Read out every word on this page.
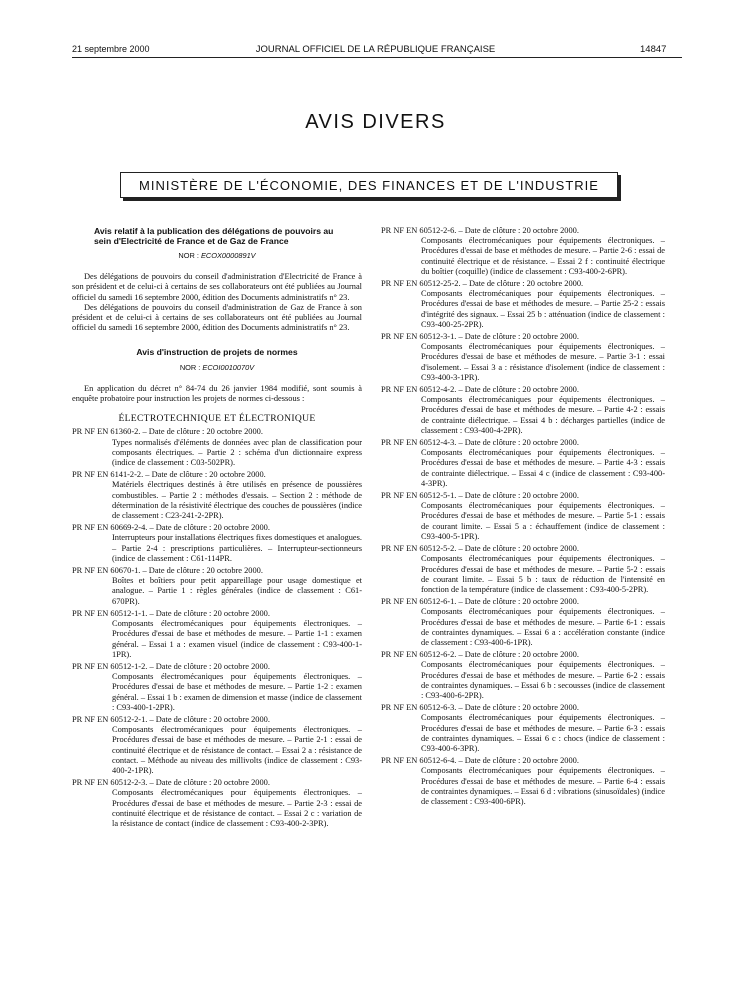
21 septembre 2000	JOURNAL OFFICIEL DE LA RÉPUBLIQUE FRANÇAISE	14847
AVIS DIVERS
MINISTÈRE DE L'ÉCONOMIE, DES FINANCES ET DE L'INDUSTRIE
Avis relatif à la publication des délégations de pouvoirs au sein d'Electricité de France et de Gaz de France
NOR : ECOX0000891V

Des délégations de pouvoirs du conseil d'administration d'Electricité de France à son président et de celui-ci à certains de ses collaborateurs ont été publiées au Journal officiel du samedi 16 septembre 2000, édition des Documents administratifs n° 23.

Des délégations de pouvoirs du conseil d'administration de Gaz de France à son président et de celui-ci à certains de ses collaborateurs ont été publiées au Journal officiel du samedi 16 septembre 2000, édition des Documents administratifs n° 23.

Avis d'instruction de projets de normes
NOR : ECOI0010070V

En application du décret n° 84-74 du 26 janvier 1984 modifié, sont soumis à enquête probatoire pour instruction les projets de normes ci-dessous :

ÉLECTROTECHNIQUE ET ÉLECTRONIQUE
PR NF EN 61360-2. – Date de clôture : 20 octobre 2000.
Types normalisés d'éléments de données avec plan de classification pour composants électriques. – Partie 2 : schéma d'un dictionnaire express (indice de classement : C03-502PR).
PR NF EN 6141-2-2. – Date de clôture : 20 octobre 2000.
Matériels électriques destinés à être utilisés en présence de poussières combustibles. – Partie 2 : méthodes d'essais. – Section 2 : méthode de détermination de la résistivité électrique des couches de poussières (indice de classement : C23-241-2-2PR).
PR NF EN 60669-2-4. – Date de clôture : 20 octobre 2000.
Interrupteurs pour installations électriques fixes domestiques et analogues. – Partie 2-4 : prescriptions particulières. – Interrupteur-sectionneurs (indice de classement : C61-114PR.
PR NF EN 60670-1. – Date de clôture : 20 octobre 2000.
Boîtes et boîtiers pour petit appareillage pour usage domestique et analogue. – Partie 1 : règles générales (indice de classement : C61-670PR).
PR NF EN 60512-1-1. – Date de clôture : 20 octobre 2000.
Composants électromécaniques pour équipements électroniques. – Procédures d'essai de base et méthodes de mesure. – Partie 1-1 : examen général. – Essai 1 a : examen visuel (indice de classement : C93-400-1-1PR).
PR NF EN 60512-1-2. – Date de clôture : 20 octobre 2000.
Composants électromécaniques pour équipements électroniques. – Procédures d'essai de base et méthodes de mesure. – Partie 1-2 : examen général. – Essai 1 b : examen de dimension et masse (indice de classement : C93-400-1-2PR).
PR NF EN 60512-2-1. – Date de clôture : 20 octobre 2000.
Composants électromécaniques pour équipements électroniques. – Procédures d'essai de base et méthodes de mesure. – Partie 2-1 : essai de continuité électrique et de résistance de contact. – Essai 2 a : résistance de contact. – Méthode au niveau des millivolts (indice de classement : C93-400-2-1PR).
PR NF EN 60512-2-3. – Date de clôture : 20 octobre 2000.
Composants électromécaniques pour équipements électroniques. – Procédures d'essai de base et méthodes de mesure. – Partie 2-3 : essai de continuité électrique et de résistance de contact. – Essai 2 c : variation de la résistance de contact (indice de classement : C93-400-2-3PR).
PR NF EN 60512-2-6. – Date de clôture : 20 octobre 2000.
Composants électromécaniques pour équipements électroniques. – Procédures d'essai de base et méthodes de mesure. – Partie 2-6 : essai de continuité électrique et de résistance. – Essai 2 f : continuité électrique du boîtier (coquille) (indice de classement : C93-400-2-6PR).
PR NF EN 60512-25-2. – Date de clôture : 20 octobre 2000.
Composants électromécaniques pour équipements électroniques. – Procédures d'essai de base et méthodes de mesure. – Partie 25-2 : essais d'intégrité des signaux. – Essai 25 b : atténuation (indice de classement : C93-400-25-2PR).
PR NF EN 60512-3-1. – Date de clôture : 20 octobre 2000.
Composants électromécaniques pour équipements électroniques. – Procédures d'essai de base et méthodes de mesure. – Partie 3-1 : essai d'isolement. – Essai 3 a : résistance d'isolement (indice de classement : C93-400-3-1PR).
PR NF EN 60512-4-2. – Date de clôture : 20 octobre 2000.
Composants électromécaniques pour équipements électroniques. – Procédures d'essai de base et méthodes de mesure. – Partie 4-2 : essais de contrainte diélectrique. – Essai 4 b : décharges partielles (indice de classement : C93-400-4-2PR).
PR NF EN 60512-4-3. – Date de clôture : 20 octobre 2000.
Composants électromécaniques pour équipements électroniques. – Procédures d'essai de base et méthodes de mesure. – Partie 4-3 : essais de contrainte diélectrique. – Essai 4 c (indice de classement : C93-400-4-3PR).
PR NF EN 60512-5-1. – Date de clôture : 20 octobre 2000.
Composants électromécaniques pour équipements électroniques. – Procédures d'essai de base et méthodes de mesure. – Partie 5-1 : essais de courant limite. – Essai 5 a : échauffement (indice de classement : C93-400-5-1PR).
PR NF EN 60512-5-2. – Date de clôture : 20 octobre 2000.
Composants électromécaniques pour équipements électroniques. – Procédures d'essai de base et méthodes de mesure. – Partie 5-2 : essais de courant limite. – Essai 5 b : taux de réduction de l'intensité en fonction de la température (indice de classement : C93-400-5-2PR).
PR NF EN 60512-6-1. – Date de clôture : 20 octobre 2000.
Composants électromécaniques pour équipements électroniques. – Procédures d'essai de base et méthodes de mesure. – Partie 6-1 : essais de contraintes dynamiques. – Essai 6 a : accélération constante (indice de classement : C93-400-6-1PR).
PR NF EN 60512-6-2. – Date de clôture : 20 octobre 2000.
Composants électromécaniques pour équipements électroniques. – Procédures d'essai de base et méthodes de mesure. – Partie 6-2 : essais de contraintes dynamiques. – Essai 6 b : secousses (indice de classement : C93-400-6-2PR).
PR NF EN 60512-6-3. – Date de clôture : 20 octobre 2000.
Composants électromécaniques pour équipements électroniques. – Procédures d'essai de base et méthodes de mesure. – Partie 6-3 : essais de contraintes dynamiques. – Essai 6 c : chocs (indice de classement : C93-400-6-3PR).
PR NF EN 60512-6-4. – Date de clôture : 20 octobre 2000.
Composants électromécaniques pour équipements électroniques. – Procédures d'essai de base et méthodes de mesure. – Partie 6-4 : essais de contraintes dynamiques. – Essai 6 d : vibrations (sinusoïdales) (indice de classement : C93-400-6PR).
